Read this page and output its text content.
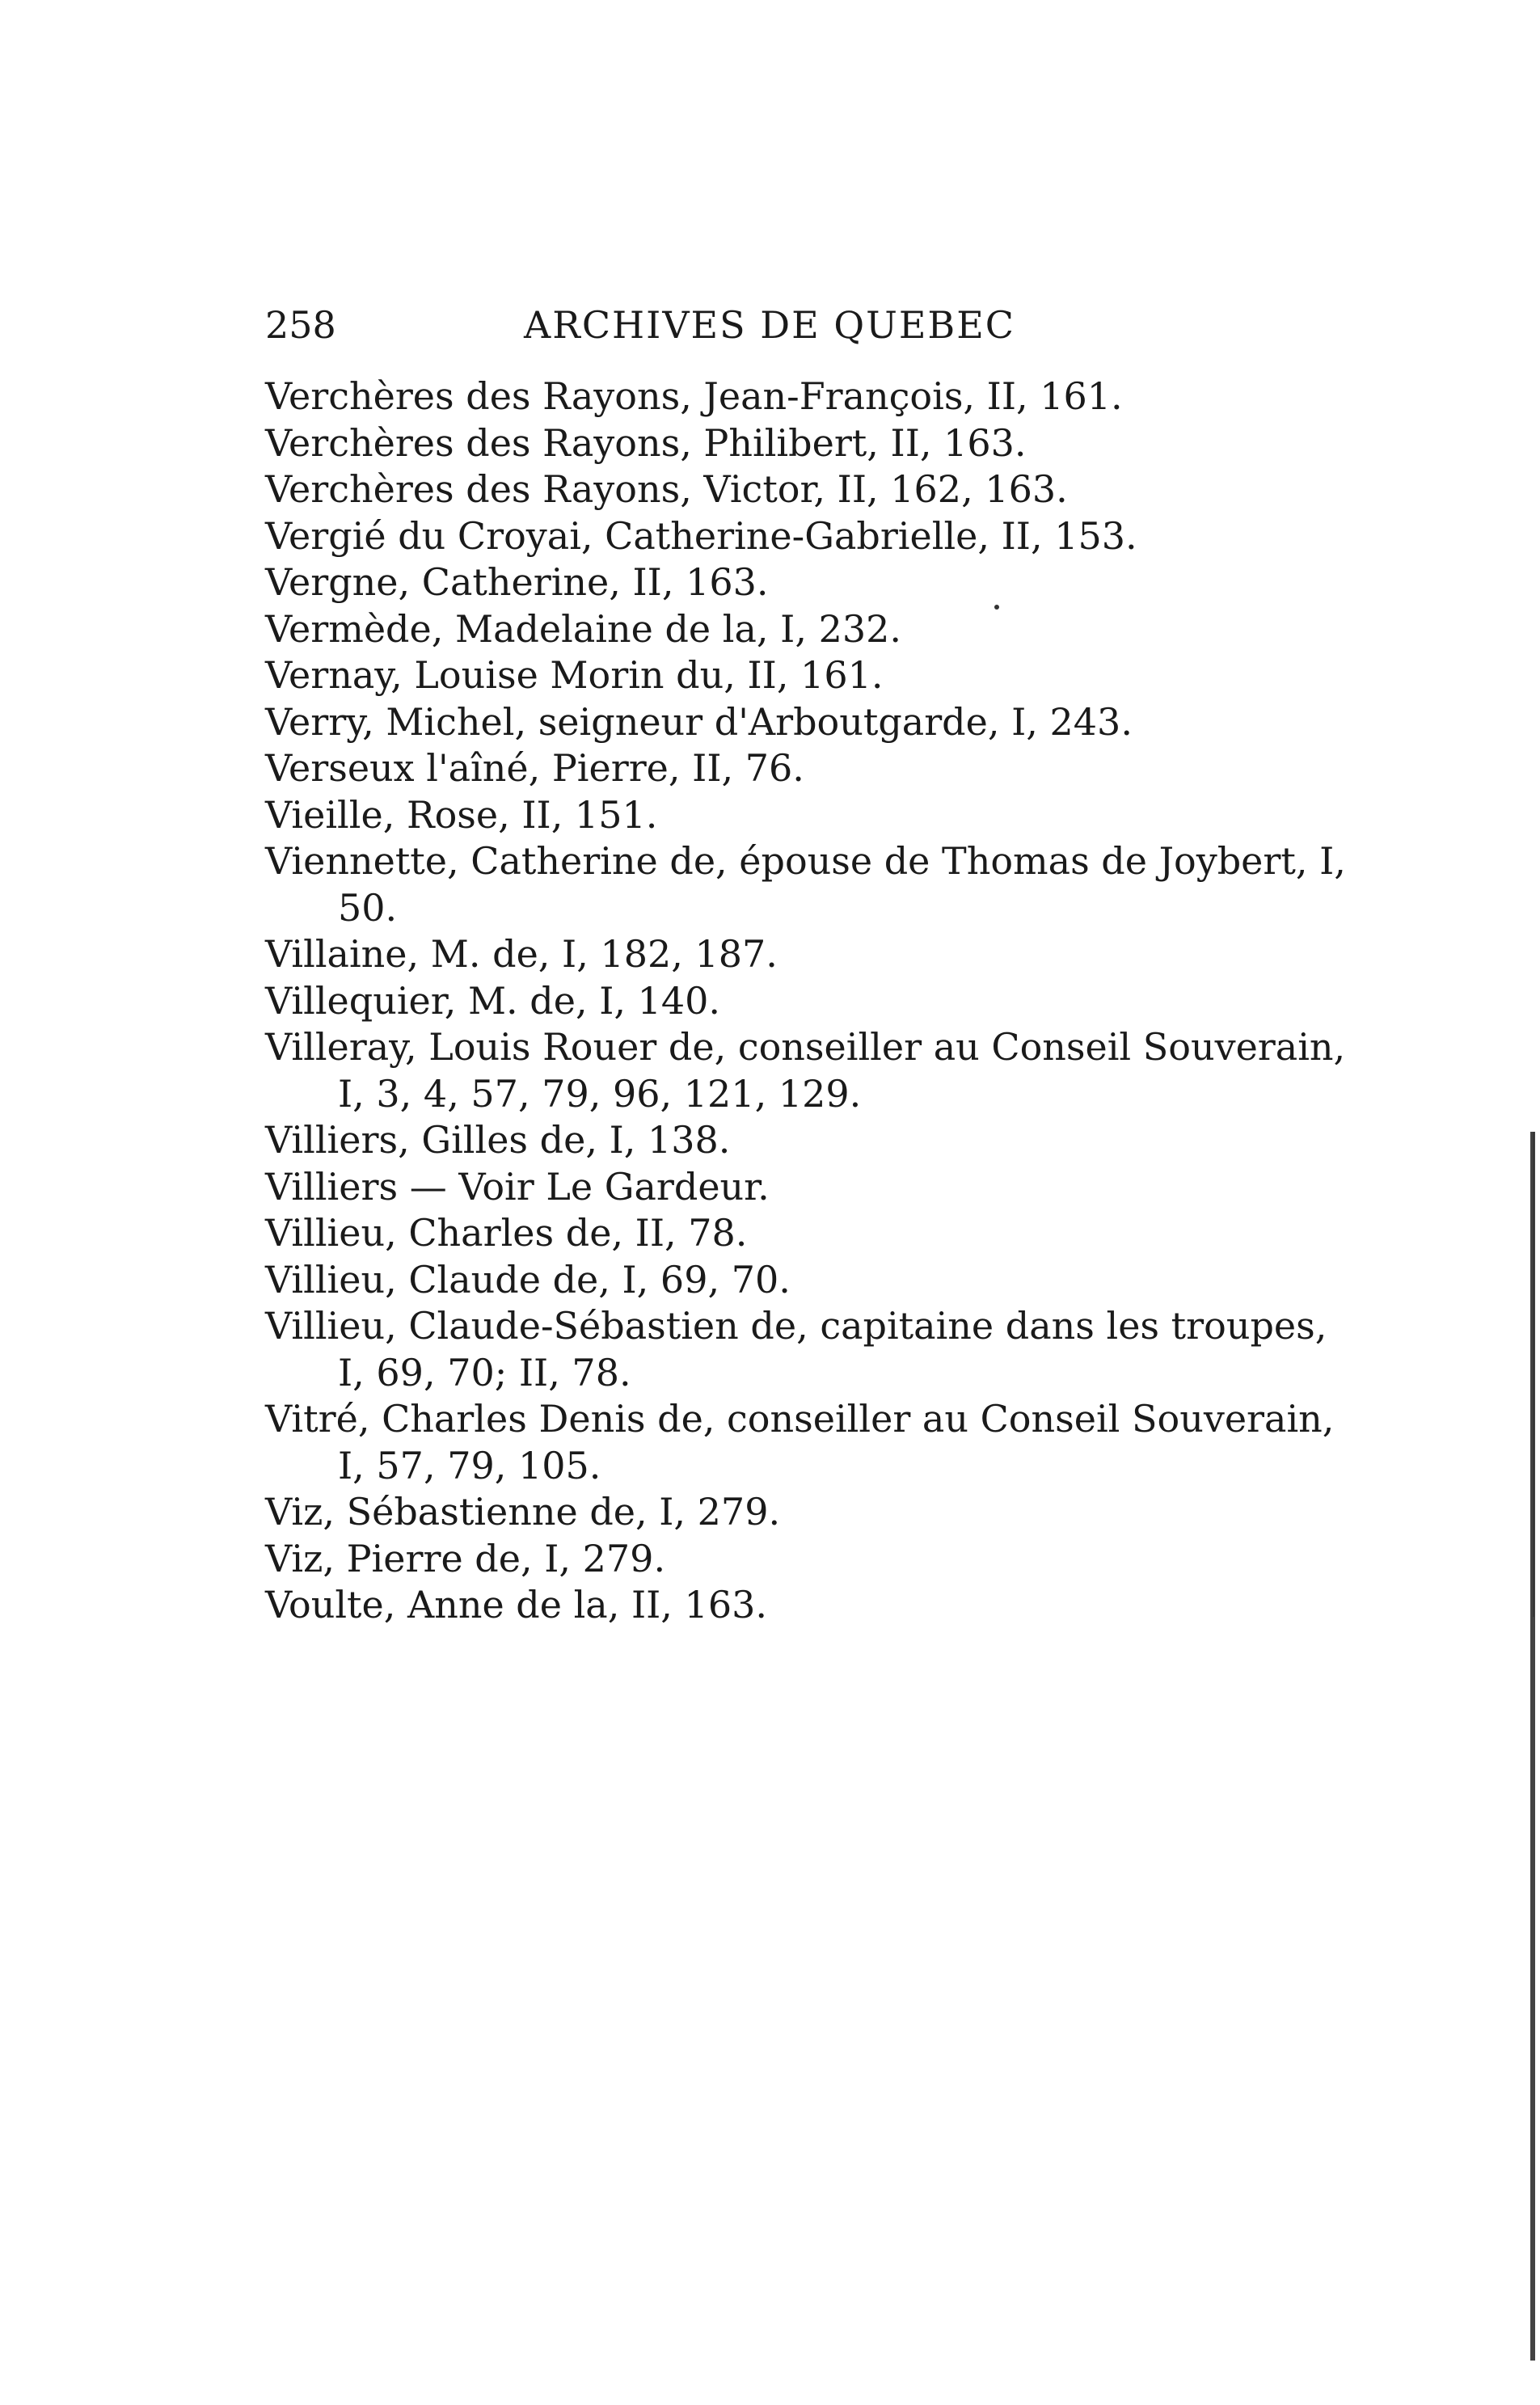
258	ARCHIVES DE QUEBEC
Verchères des Rayons, Jean-François, II, 161.
Verchères des Rayons, Philibert, II, 163.
Verchères des Rayons, Victor, II, 162, 163.
Vergié du Croyai, Catherine-Gabrielle, II, 153.
Vergne, Catherine, II, 163.
Vermède, Madelaine de la, I, 232.
Vernay, Louise Morin du, II, 161.
Verry, Michel, seigneur d'Arboutgarde, I, 243.
Verseux l'aîné, Pierre, II, 76.
Vieille, Rose, II, 151.
Viennette, Catherine de, épouse de Thomas de Joybert, I, 50.
Villaine, M. de, I, 182, 187.
Villequier, M. de, I, 140.
Villeray, Louis Rouer de, conseiller au Conseil Souverain, I, 3, 4, 57, 79, 96, 121, 129.
Villiers, Gilles de, I, 138.
Villiers — Voir Le Gardeur.
Villieu, Charles de, II, 78.
Villieu, Claude de, I, 69, 70.
Villieu, Claude-Sébastien de, capitaine dans les troupes, I, 69, 70; II, 78.
Vitré, Charles Denis de, conseiller au Conseil Souverain, I, 57, 79, 105.
Viz, Sébastienne de, I, 279.
Viz, Pierre de, I, 279.
Voulte, Anne de la, II, 163.
